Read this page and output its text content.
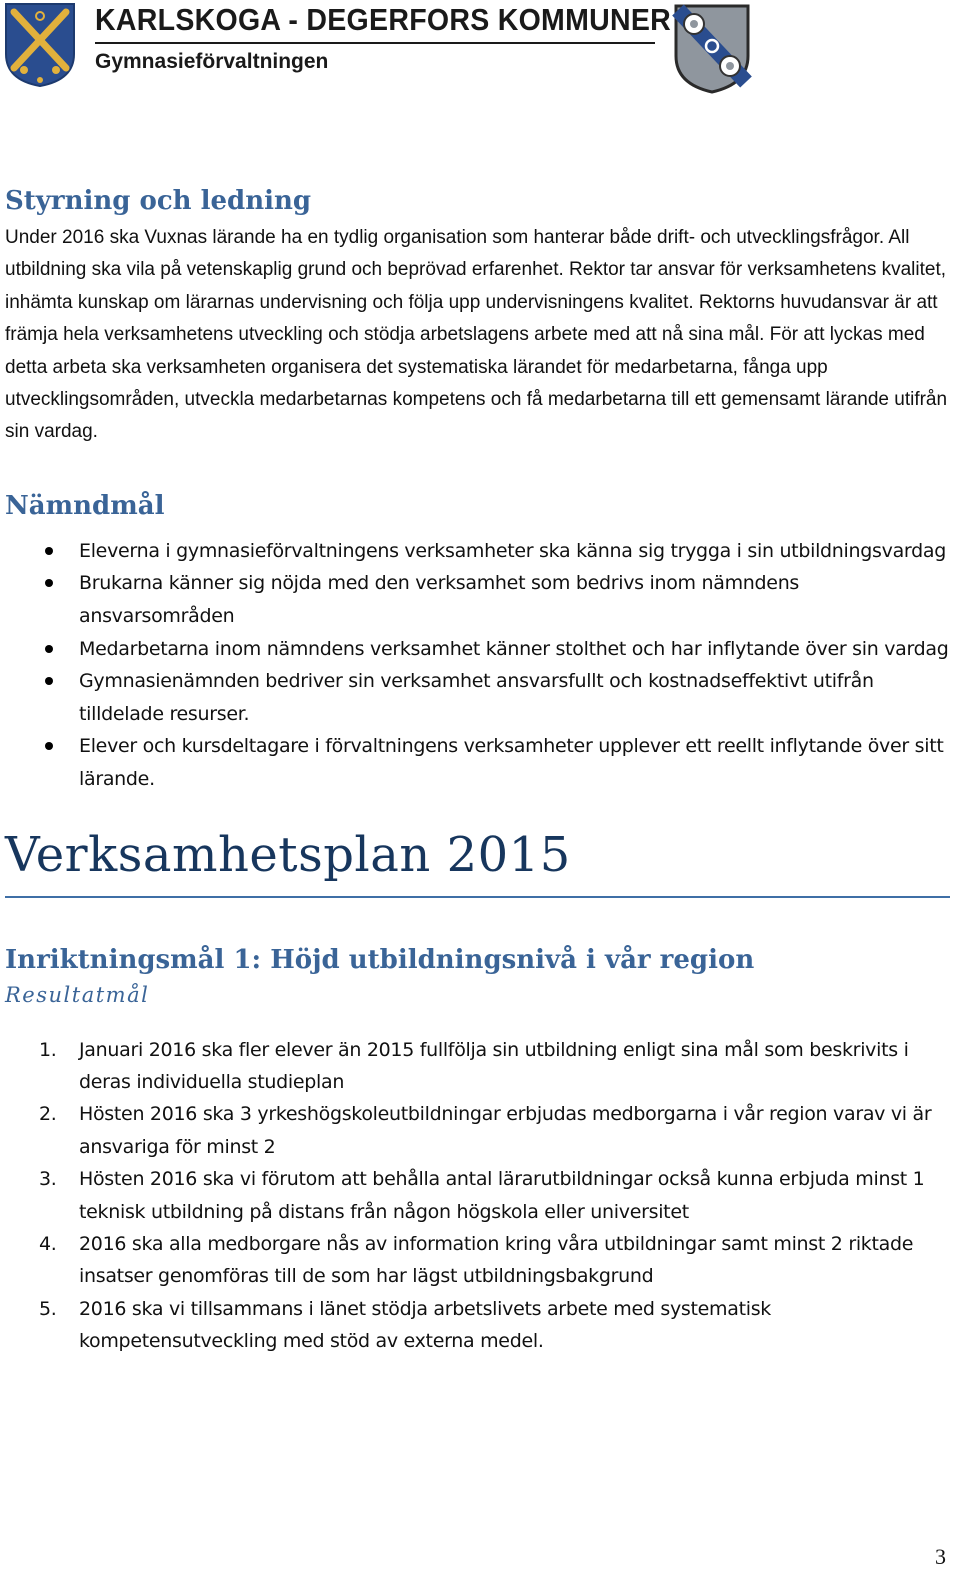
KARLSKOGA - DEGERFORS KOMMUNER
Gymnasieförvaltningen
Styrning och ledning

Under 2016 ska Vuxnas lärande ha en tydlig organisation som hanterar både drift- och utvecklingsfrågor. All utbildning ska vila på vetenskaplig grund och beprövad erfarenhet. Rektor tar ansvar för verksamhetens kvalitet, inhämta kunskap om lärarnas undervisning och följa upp undervisningens kvalitet. Rektorns huvudansvar är att främja hela verksamhetens utveckling och stödja arbetslagens arbete med att nå sina mål. För att lyckas med detta arbeta ska verksamheten organisera det systematiska lärandet för medarbetarna, fånga upp utvecklingsområden, utveckla medarbetarnas kompetens och få medarbetarna till ett gemensamt lärande utifrån sin vardag.

Nämndmål
Eleverna i gymnasieförvaltningens verksamheter ska känna sig trygga i sin utbildningsvardag
Brukarna känner sig nöjda med den verksamhet som bedrivs inom nämndens ansvarsområden
Medarbetarna inom nämndens verksamhet känner stolthet och har inflytande över sin vardag
Gymnasienämnden bedriver sin verksamhet ansvarsfullt och kostnadseffektivt utifrån tilldelade resurser.
Elever och kursdeltagare i förvaltningens verksamheter upplever ett reellt inflytande över sitt lärande.
Verksamhetsplan 2015
Inriktningsmål 1: Höjd utbildningsnivå i vår region
Resultatmål
1. Januari 2016 ska fler elever än 2015 fullfölja sin utbildning enligt sina mål som beskrivits i deras individuella studieplan
2. Hösten 2016 ska 3 yrkeshögskoleutbildningar erbjudas medborgarna i vår region varav vi är ansvariga för minst 2
3. Hösten 2016 ska vi förutom att behålla antal lärarutbildningar också kunna erbjuda minst 1 teknisk utbildning på distans från någon högskola eller universitet
4. 2016 ska alla medborgare nås av information kring våra utbildningar samt minst 2 riktade insatser genomföras till de som har lägst utbildningsbakgrund
5. 2016 ska vi tillsammans i länet stödja arbetslivets arbete med systematisk kompetensutveckling med stöd av externa medel.
3
